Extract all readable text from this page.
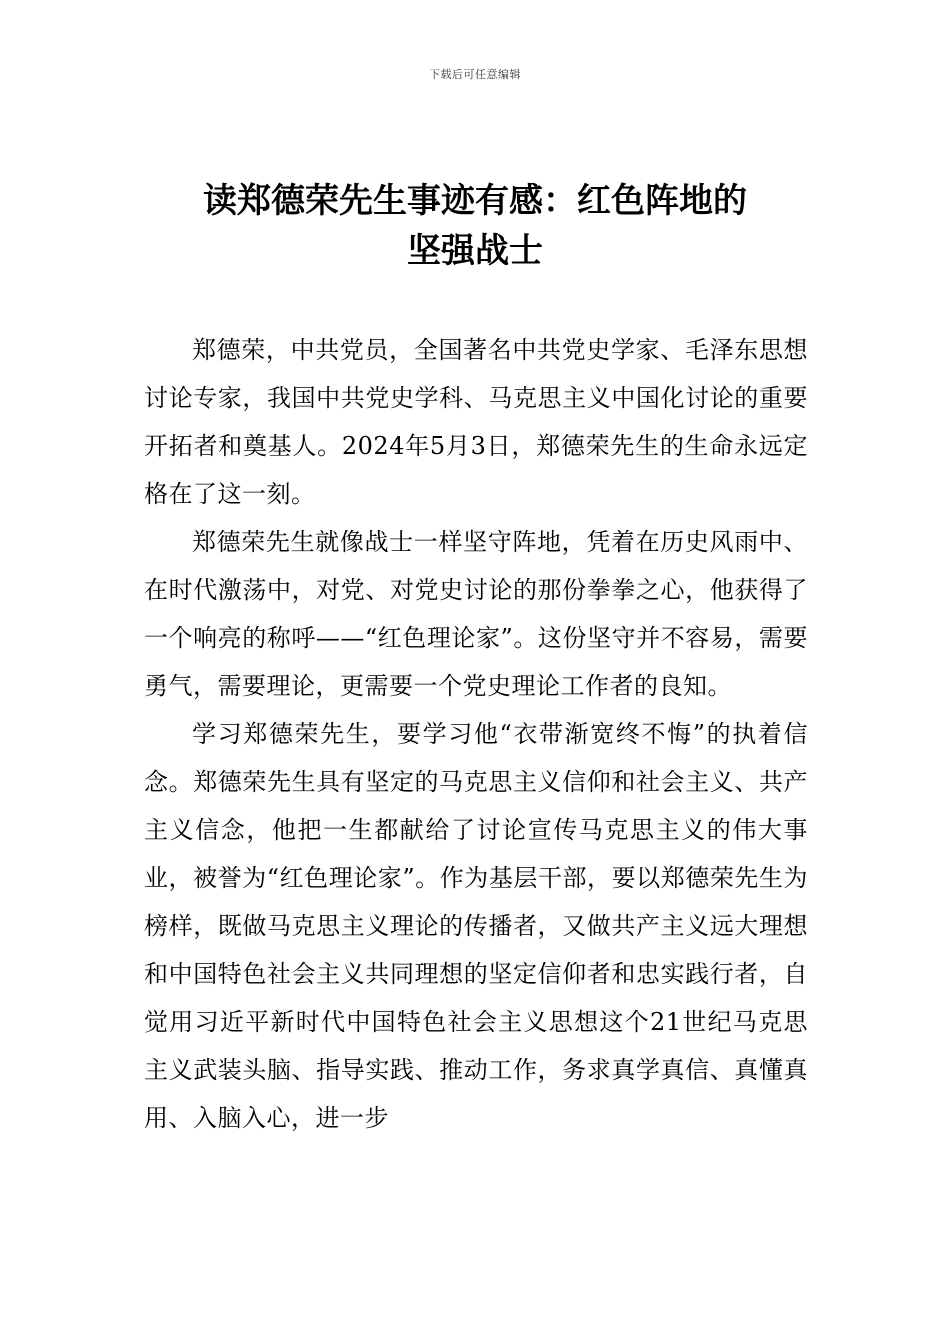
下载后可任意编辑
读郑德荣先生事迹有感：红色阵地的
坚强战士

郑德荣，中共党员，全国著名中共党史学家、毛泽东思想讨论专家，我国中共党史学科、马克思主义中国化讨论的重要开拓者和奠基人。2024年5月3日，郑德荣先生的生命永远定格在了这一刻。

郑德荣先生就像战士一样坚守阵地，凭着在历史风雨中、在时代激荡中，对党、对党史讨论的那份拳拳之心，他获得了一个响亮的称呼——“红色理论家”。这份坚守并不容易，需要勇气，需要理论，更需要一个党史理论工作者的良知。

学习郑德荣先生，要学习他“衣带渐宽终不悔”的执着信念。郑德荣先生具有坚定的马克思主义信仰和社会主义、共产主义信念，他把一生都献给了讨论宣传马克思主义的伟大事业，被誉为“红色理论家”。作为基层干部，要以郑德荣先生为榜样，既做马克思主义理论的传播者，又做共产主义远大理想和中国特色社会主义共同理想的坚定信仰者和忠实践行者，自觉用习近平新时代中国特色社会主义思想这个21世纪马克思主义武装头脑、指导实践、推动工作，务求真学真信、真懂真用、入脑入心，进一步
